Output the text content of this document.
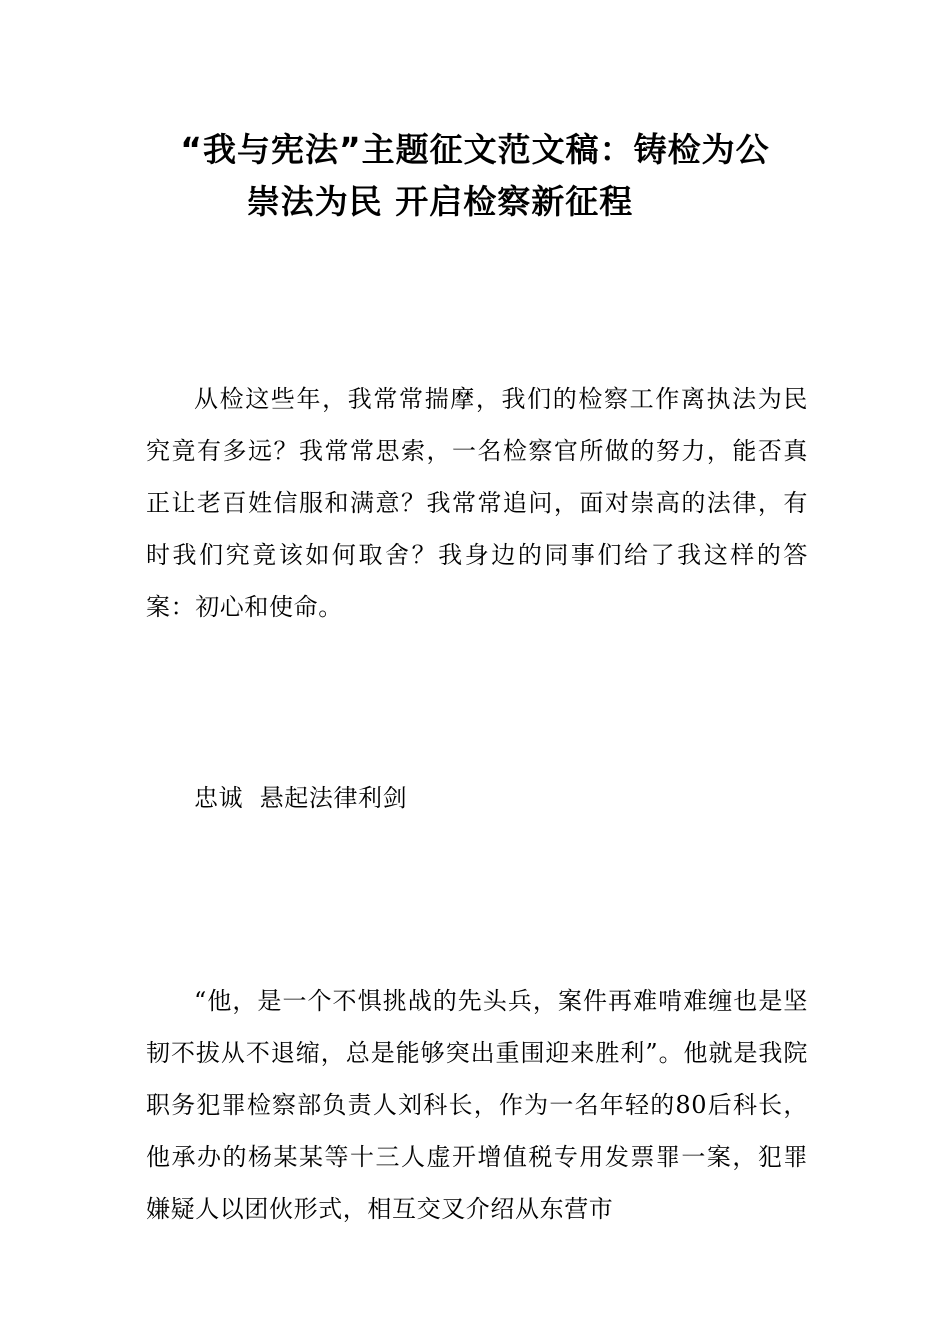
“我与宪法”主题征文范文稿：铸检为公
崇法为民 开启检察新征程

从检这些年，我常常揣摩，我们的检察工作离执法为民究竟有多远？我常常思索，一名检察官所做的努力，能否真正让老百姓信服和满意？我常常追问，面对崇高的法律，有时我们究竟该如何取舍？我身边的同事们给了我这样的答案：初心和使命。

忠诚  悬起法律利剑

“他，是一个不惧挑战的先头兵，案件再难啃难缠也是坚韧不拔从不退缩，总是能够突出重围迎来胜利”。他就是我院职务犯罪检察部负责人刘科长，作为一名年轻的80后科长，他承办的杨某某等十三人虚开增值税专用发票罪一案，犯罪嫌疑人以团伙形式，相互交叉介绍从东营市
